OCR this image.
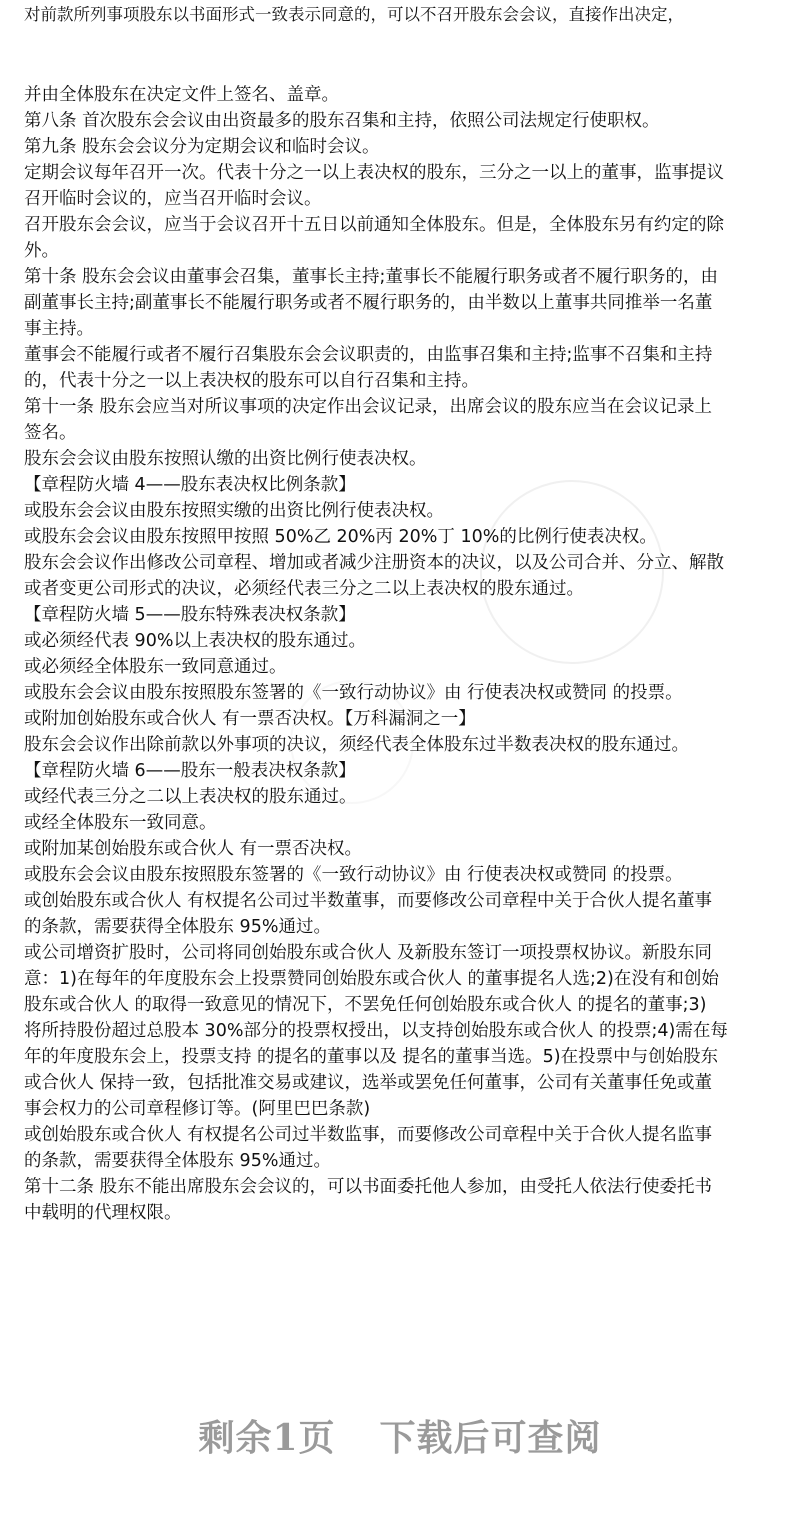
对前款所列事项股东以书面形式一致表示同意的，可以不召开股东会会议，直接作出决定，
并由全体股东在决定文件上签名、盖章。
第八条 首次股东会会议由出资最多的股东召集和主持，依照公司法规定行使职权。
第九条 股东会会议分为定期会议和临时会议。
定期会议每年召开一次。代表十分之一以上表决权的股东，三分之一以上的董事，监事提议
召开临时会议的，应当召开临时会议。
召开股东会会议，应当于会议召开十五日以前通知全体股东。但是，全体股东另有约定的除
外。
第十条 股东会会议由董事会召集，董事长主持;董事长不能履行职务或者不履行职务的，由
副董事长主持;副董事长不能履行职务或者不履行职务的，由半数以上董事共同推举一名董
事主持。
董事会不能履行或者不履行召集股东会会议职责的，由监事召集和主持;监事不召集和主持
的，代表十分之一以上表决权的股东可以自行召集和主持。
第十一条 股东会应当对所议事项的决定作出会议记录，出席会议的股东应当在会议记录上
签名。
股东会会议由股东按照认缴的出资比例行使表决权。
【章程防火墙 4——股东表决权比例条款】
或股东会会议由股东按照实缴的出资比例行使表决权。
或股东会会议由股东按照甲按照 50%乙 20%丙 20%丁 10%的比例行使表决权。
股东会会议作出修改公司章程、增加或者减少注册资本的决议，以及公司合并、分立、解散
或者变更公司形式的决议，必须经代表三分之二以上表决权的股东通过。
【章程防火墙 5——股东特殊表决权条款】
或必须经代表 90%以上表决权的股东通过。
或必须经全体股东一致同意通过。
或股东会会议由股东按照股东签署的《一致行动协议》由 行使表决权或赞同 的投票。
或附加创始股东或合伙人 有一票否决权。【万科漏洞之一】
股东会会议作出除前款以外事项的决议，须经代表全体股东过半数表决权的股东通过。
【章程防火墙 6——股东一般表决权条款】
或经代表三分之二以上表决权的股东通过。
或经全体股东一致同意。
或附加某创始股东或合伙人 有一票否决权。
或股东会会议由股东按照股东签署的《一致行动协议》由 行使表决权或赞同 的投票。
或创始股东或合伙人 有权提名公司过半数董事，而要修改公司章程中关于合伙人提名董事
的条款，需要获得全体股东 95%通过。
或公司增资扩股时，公司将同创始股东或合伙人 及新股东签订一项投票权协议。新股东同
意：1)在每年的年度股东会上投票赞同创始股东或合伙人 的董事提名人选;2)在没有和创始
股东或合伙人 的取得一致意见的情况下，不罢免任何创始股东或合伙人 的提名的董事;3)
将所持股份超过总股本 30%部分的投票权授出，以支持创始股东或合伙人 的投票;4)需在每
年的年度股东会上，投票支持 的提名的董事以及 提名的董事当选。5)在投票中与创始股东
或合伙人 保持一致，包括批准交易或建议，选举或罢免任何董事，公司有关董事任免或董
事会权力的公司章程修订等。(阿里巴巴条款)
或创始股东或合伙人 有权提名公司过半数监事，而要修改公司章程中关于合伙人提名监事
的条款，需要获得全体股东 95%通过。
第十二条 股东不能出席股东会会议的，可以书面委托他人参加，由受托人依法行使委托书
中载明的代理权限。
剩余1页 下载后可查阅
